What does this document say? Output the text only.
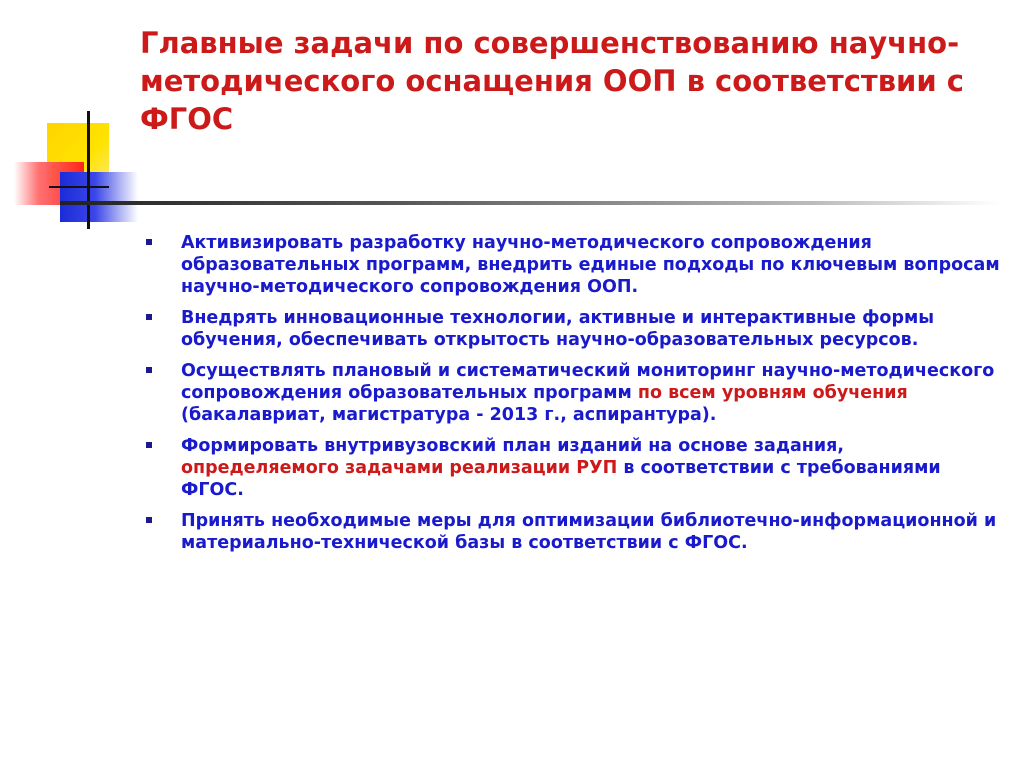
Главные задачи по совершенствованию научно-методического оснащения ООП в соответствии с ФГОС
Активизировать разработку научно-методического сопровождения образовательных программ, внедрить единые подходы по ключевым вопросам научно-методического сопровождения ООП.
Внедрять инновационные технологии, активные и интерактивные формы обучения, обеспечивать открытость научно-образовательных ресурсов.
Осуществлять плановый и систематический мониторинг научно-методического сопровождения образовательных программ по всем уровням обучения (бакалавриат, магистратура - 2013 г., аспирантура).
Формировать внутривузовский план изданий на основе задания, определяемого задачами реализации РУП в соответствии с требованиями ФГОС.
Принять необходимые меры для оптимизации библиотечно-информационной и материально-технической базы в соответствии с ФГОС.
